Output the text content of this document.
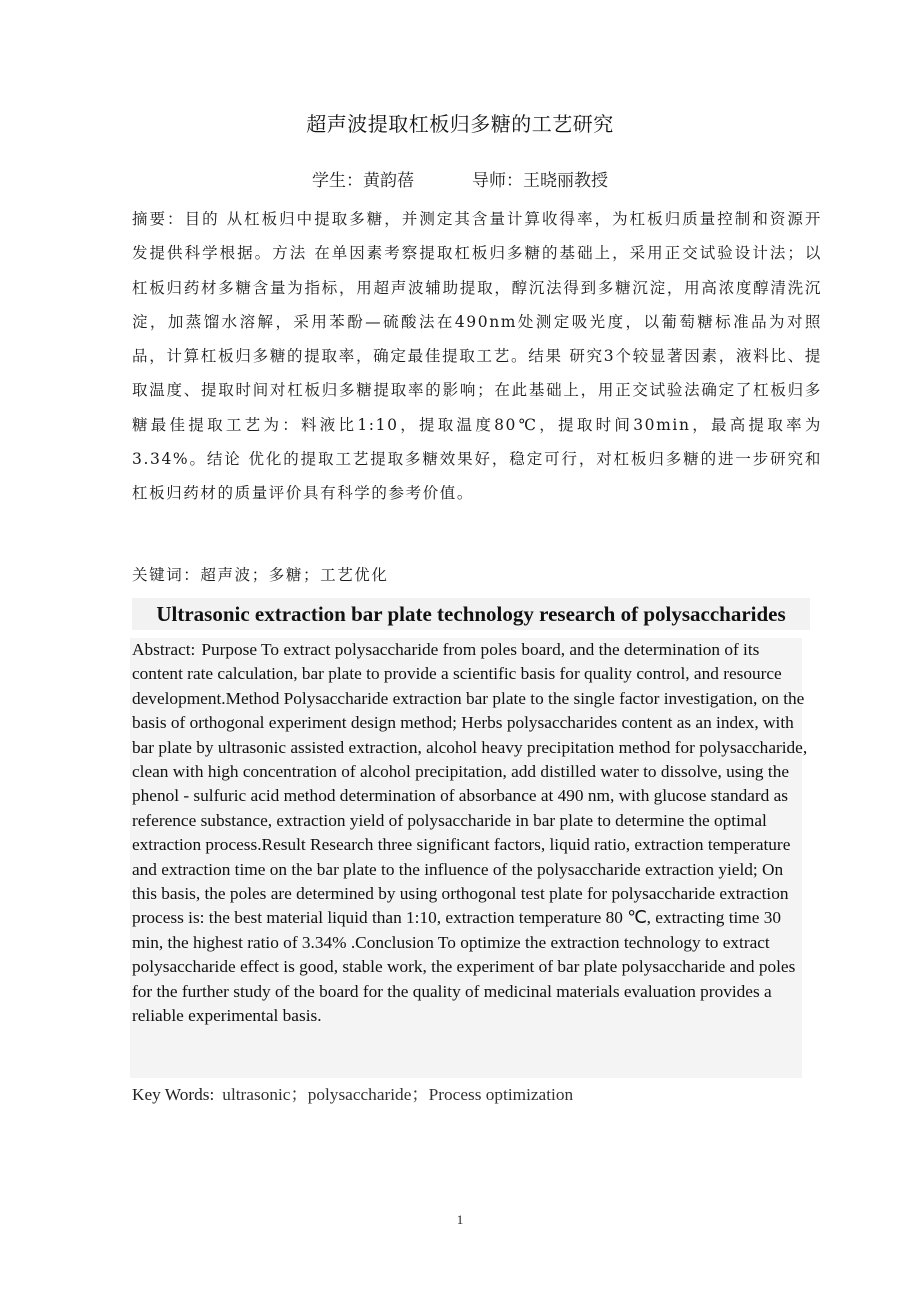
超声波提取杠板归多糖的工艺研究
学生：黄韵蓓	导师：王晓丽教授

摘要：目的 从杠板归中提取多糖，并测定其含量计算收得率，为杠板归质量控制和资源开发提供科学根据。方法 在单因素考察提取杠板归多糖的基础上，采用正交试验设计法；以杠板归药材多糖含量为指标，用超声波辅助提取，醇沉法得到多糖沉淀，用高浓度醇清洗沉淀，加蒸馏水溶解，采用苯酚—硫酸法在490nm处测定吸光度，以葡萄糖标准品为对照品，计算杠板归多糖的提取率，确定最佳提取工艺。结果 研究3个较显著因素，液料比、提取温度、提取时间对杠板归多糖提取率的影响；在此基础上，用正交试验法确定了杠板归多糖最佳提取工艺为：料液比1:10，提取温度80℃，提取时间30min，最高提取率为3.34%。结论 优化的提取工艺提取多糖效果好，稳定可行，对杠板归多糖的进一步研究和杠板归药材的质量评价具有科学的参考价值。

关键词：超声波；多糖；工艺优化

Ultrasonic extraction bar plate technology research of polysaccharides

Abstract: Purpose To extract polysaccharide from poles board, and the determination of its content rate calculation, bar plate to provide a scientific basis for quality control, and resource development.Method Polysaccharide extraction bar plate to the single factor investigation, on the basis of orthogonal experiment design method; Herbs polysaccharides content as an index, with bar plate by ultrasonic assisted extraction, alcohol heavy precipitation method for polysaccharide, clean with high concentration of alcohol precipitation, add distilled water to dissolve, using the phenol - sulfuric acid method determination of absorbance at 490 nm, with glucose standard as reference substance, extraction yield of polysaccharide in bar plate to determine the optimal extraction process.Result Research three significant factors, liquid ratio, extraction temperature and extraction time on the bar plate to the influence of the polysaccharide extraction yield; On this basis, the poles are determined by using orthogonal test plate for polysaccharide extraction process is: the best material liquid than 1:10, extraction temperature 80 ℃, extracting time 30 min, the highest ratio of 3.34% .Conclusion To optimize the extraction technology to extract polysaccharide effect is good, stable work, the experiment of bar plate polysaccharide and poles for the further study of the board for the quality of medicinal materials evaluation provides a reliable experimental basis.

Key Words: ultrasonic；polysaccharide；Process optimization

1
